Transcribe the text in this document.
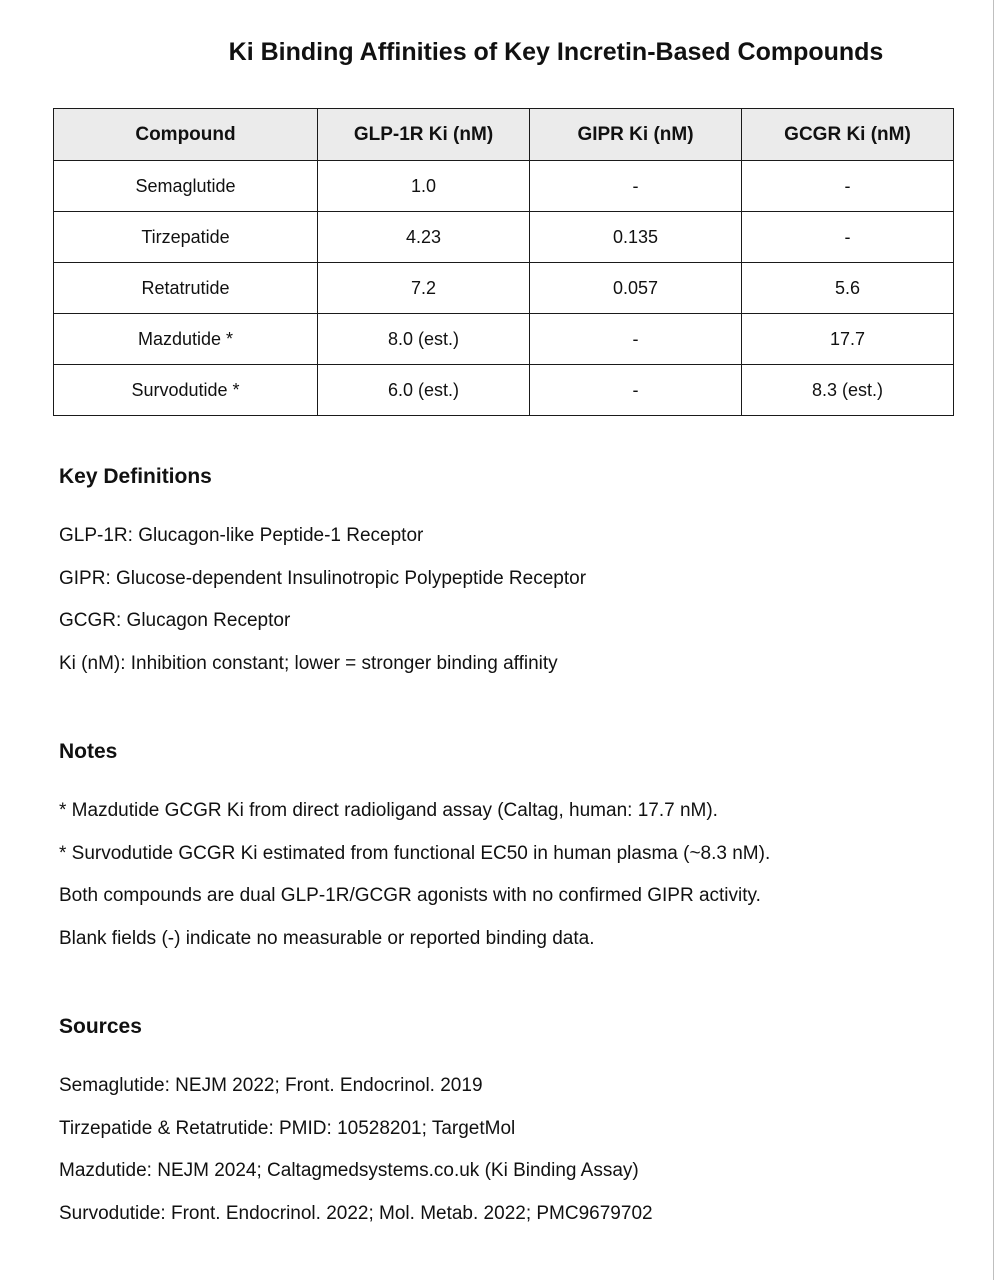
Ki Binding Affinities of Key Incretin-Based Compounds
Compound	GLP-1R Ki (nM)	GIPR Ki (nM)	GCGR Ki (nM)
Semaglutide	1.0	-	-
Tirzepatide	4.23	0.135	-
Retatrutide	7.2	0.057	5.6
Mazdutide *	8.0 (est.)	-	17.7
Survodutide *	6.0 (est.)	-	8.3 (est.)
Key Definitions
GLP-1R: Glucagon-like Peptide-1 Receptor
GIPR: Glucose-dependent Insulinotropic Polypeptide Receptor
GCGR: Glucagon Receptor
Ki (nM): Inhibition constant; lower = stronger binding affinity
Notes
* Mazdutide GCGR Ki from direct radioligand assay (Caltag, human: 17.7 nM).
* Survodutide GCGR Ki estimated from functional EC50 in human plasma (~8.3 nM).
Both compounds are dual GLP-1R/GCGR agonists with no confirmed GIPR activity.
Blank fields (-) indicate no measurable or reported binding data.
Sources
Semaglutide: NEJM 2022; Front. Endocrinol. 2019
Tirzepatide & Retatrutide: PMID: 10528201; TargetMol
Mazdutide: NEJM 2024; Caltagmedsystems.co.uk (Ki Binding Assay)
Survodutide: Front. Endocrinol. 2022; Mol. Metab. 2022; PMC9679702
